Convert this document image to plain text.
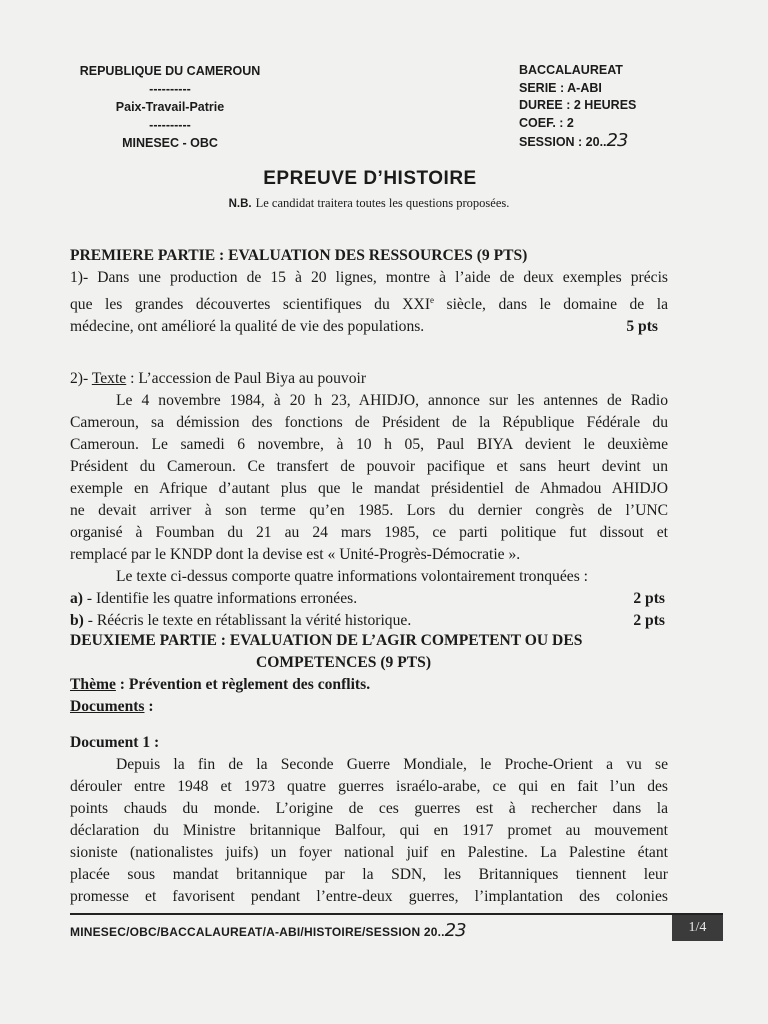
REPUBLIQUE DU CAMEROUN
----------
Paix-Travail-Patrie
----------
MINESEC - OBC
BACCALAUREAT
SERIE : A-ABI
DUREE : 2 HEURES
COEF. : 2
SESSION : 20..23
EPREUVE D’HISTOIRE
N.B. Le candidat traitera toutes les questions proposées.
PREMIERE PARTIE : EVALUATION DES RESSOURCES (9 PTS)
1)- Dans une production de 15 à 20 lignes, montre à l’aide de deux exemples précis
que les grandes découvertes scientifiques du XXIe siècle, dans le domaine de la
médecine, ont amélioré la qualité de vie des populations.	5 pts
2)- Texte : L’accession de Paul Biya au pouvoir
Le 4 novembre 1984, à 20 h 23, AHIDJO, annonce sur les antennes de Radio
Cameroun, sa démission des fonctions de Président de la République Fédérale du
Cameroun. Le samedi 6 novembre, à 10 h 05, Paul BIYA devient le deuxième
Président du Cameroun. Ce transfert de pouvoir pacifique et sans heurt devint un
exemple en Afrique d’autant plus que le mandat présidentiel de Ahmadou AHIDJO
ne devait arriver à son terme qu’en 1985. Lors du dernier congrès de l’UNC
organisé à Foumban du 21 au 24 mars 1985, ce parti politique fut dissout et
remplacé par le KNDP dont la devise est « Unité-Progrès-Démocratie ».
Le texte ci-dessus comporte quatre informations volontairement tronquées :
a) - Identifie les quatre informations erronées.	2 pts
b) - Réécris le texte en rétablissant la vérité historique.	2 pts
DEUXIEME PARTIE : EVALUATION DE L’AGIR COMPETENT OU DES
COMPETENCES (9 PTS)
Thème : Prévention et règlement des conflits.
Documents :
Document 1 :
Depuis la fin de la Seconde Guerre Mondiale, le Proche-Orient a vu se
dérouler entre 1948 et 1973 quatre guerres israélo-arabe, ce qui en fait l’un des
points chauds du monde. L’origine de ces guerres est à rechercher dans la
déclaration du Ministre britannique Balfour, qui en 1917 promet au mouvement
sioniste (nationalistes juifs) un foyer national juif en Palestine. La Palestine étant
placée sous mandat britannique par la SDN, les Britanniques tiennent leur
promesse et favorisent pendant l’entre-deux guerres, l’implantation des colonies
MINESEC/OBC/BACCALAUREAT/A-ABI/HISTOIRE/SESSION 20..23	1/4
